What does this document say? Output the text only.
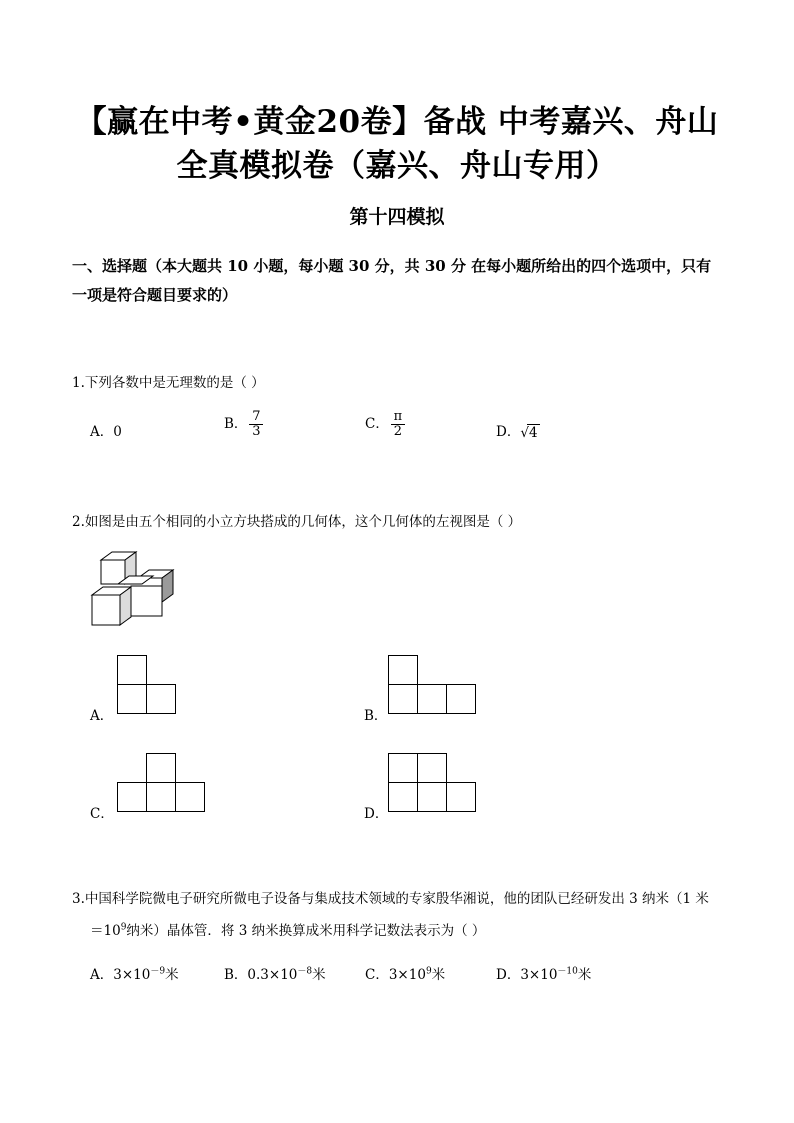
【赢在中考•黄金20卷】备战 中考嘉兴、舟山
全真模拟卷（嘉兴、舟山专用）
第十四模拟
一、选择题（本大题共 10 小题，每小题 30 分，共 30 分 在每小题所给出的四个选项中，只有
一项是符合题目要求的）
1.下列各数中是无理数的是（ ）
A．0	B． $\frac{7}{3}$	C． $\frac{\pi}{2}$	D．√4
2.如图是由五个相同的小立方块搭成的几何体，这个几何体的左视图是（ ）
A．	B．
C．	D．
3.中国科学院微电子研究所微电子设备与集成技术领域的专家殷华湘说，他的团队已经研发出 3 纳米（1 米
$=10^9$纳米）晶体管．将 3 纳米换算成米用科学记数法表示为（ ）
A．$3\times 10^{-9}$米	B．$0.3\times 10^{-8}$米	C．$3\times 10^9$米	D．$3\times 10^{-10}$米
